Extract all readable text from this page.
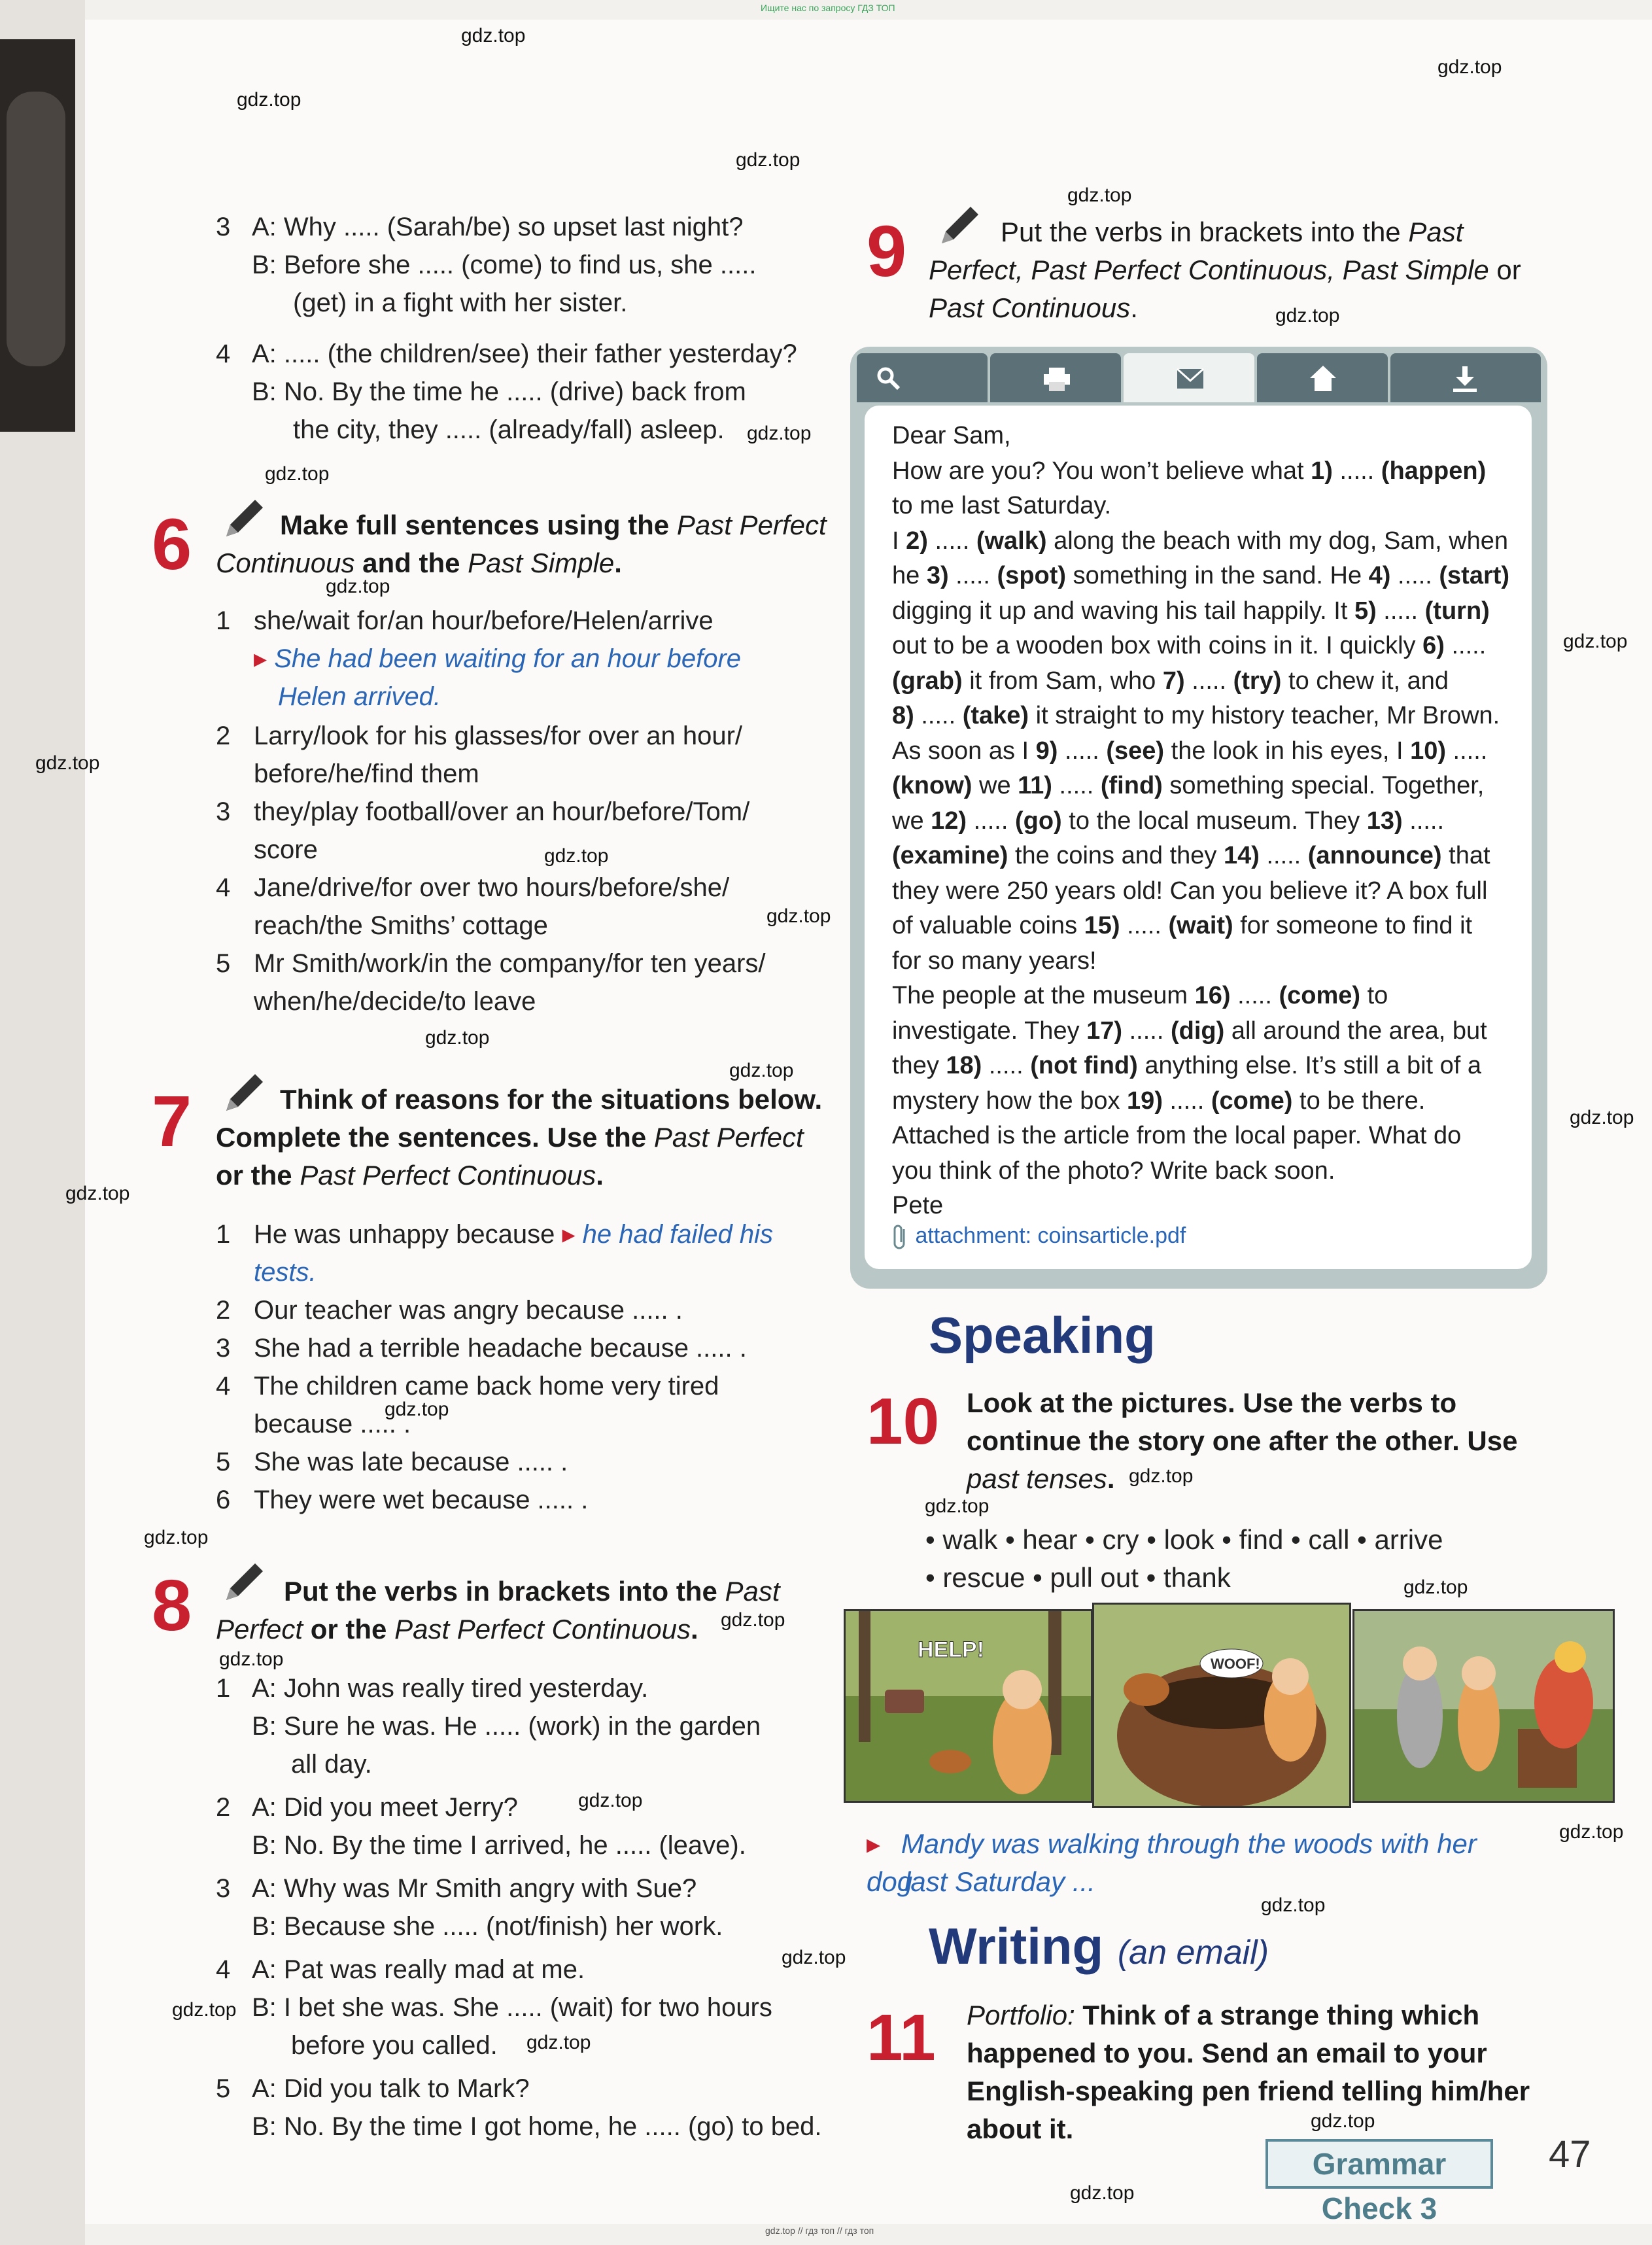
Ищите нас по запросу ГДЗ ТОП
gdz.top
gdz.top
gdz.top
gdz.top
gdz.top
gdz.top
gdz.top
gdz.top
gdz.top
gdz.top
gdz.top
gdz.top
gdz.top
gdz.top
gdz.top
gdz.top
gdz.top
gdz.top
gdz.top
gdz.top
gdz.top
gdz.top
gdz.top
gdz.top
gdz.top
gdz.top
gdz.top
gdz.top
gdz.top
gdz.top
gdz.top
gdz.top
3 A: Why ..... (Sarah/be) so upset last night?
B: Before she ..... (come) to find us, she .....
(get) in a fight with her sister.
4 A: ..... (the children/see) their father yesterday?
B: No. By the time he ..... (drive) back from
the city, they ..... (already/fall) asleep.
6	Make full sentences using the Past Perfect
Continuous and the Past Simple.
1 she/wait for/an hour/before/Helen/arrive
▸ She had been waiting for an hour before
Helen arrived.
2 Larry/look for his glasses/for over an hour/
before/he/find them
3 they/play football/over an hour/before/Tom/
score
4 Jane/drive/for over two hours/before/she/
reach/the Smiths’ cottage
5 Mr Smith/work/in the company/for ten years/
when/he/decide/to leave
7	Think of reasons for the situations below.
Complete the sentences. Use the Past Perfect
or the Past Perfect Continuous.
1 He was unhappy because ▸ he had failed his
tests.
2 Our teacher was angry because ..... .
3 She had a terrible headache because ..... .
4 The children came back home very tired
because ..... .
5 She was late because ..... .
6 They were wet because ..... .
8	Put the verbs in brackets into the Past
Perfect or the Past Perfect Continuous.
1 A: John was really tired yesterday.
B: Sure he was. He ..... (work) in the garden
all day.
2 A: Did you meet Jerry?
B: No. By the time I arrived, he ..... (leave).
3 A: Why was Mr Smith angry with Sue?
B: Because she ..... (not/finish) her work.
4 A: Pat was really mad at me.
B: I bet she was. She ..... (wait) for two hours
before you called.
5 A: Did you talk to Mark?
B: No. By the time I got home, he ..... (go) to bed.
9	Put the verbs in brackets into the Past
Perfect, Past Perfect Continuous, Past Simple or
Past Continuous.
Dear Sam,
How are you? You won’t believe what 1) ..... (happen)
to me last Saturday.
I 2) ..... (walk) along the beach with my dog, Sam, when
he 3) ..... (spot) something in the sand. He 4) ..... (start)
digging it up and waving his tail happily. It 5) ..... (turn)
out to be a wooden box with coins in it. I quickly 6) .....
(grab) it from Sam, who 7) ..... (try) to chew it, and
8) ..... (take) it straight to my history teacher, Mr Brown.
As soon as I 9) ..... (see) the look in his eyes, I 10) .....
(know) we 11) ..... (find) something special. Together,
we 12) ..... (go) to the local museum. They 13) .....
(examine) the coins and they 14) ..... (announce) that
they were 250 years old! Can you believe it? A box full
of valuable coins 15) ..... (wait) for someone to find it
for so many years!
The people at the museum 16) ..... (come) to
investigate. They 17) ..... (dig) all around the area, but
they 18) ..... (not find) anything else. It’s still a bit of a
mystery how the box 19) ..... (come) to be there.
Attached is the article from the local paper. What do
you think of the photo? Write back soon.
Pete
attachment: coinsarticle.pdf
Speaking
10 Look at the pictures. Use the verbs to
continue the story one after the other. Use
past tenses.
• walk • hear • cry • look • find • call • arrive
• rescue • pull out • thank
HELP!
WOOF!
▸ Mandy was walking through the woods with her dog
last Saturday ...
Writing (an email)
11 Portfolio: Think of a strange thing which
happened to you. Send an email to your
English-speaking pen friend telling him/her
about it.
Grammar Check 3
47
gdz.top // гдз топ // гдз топ
